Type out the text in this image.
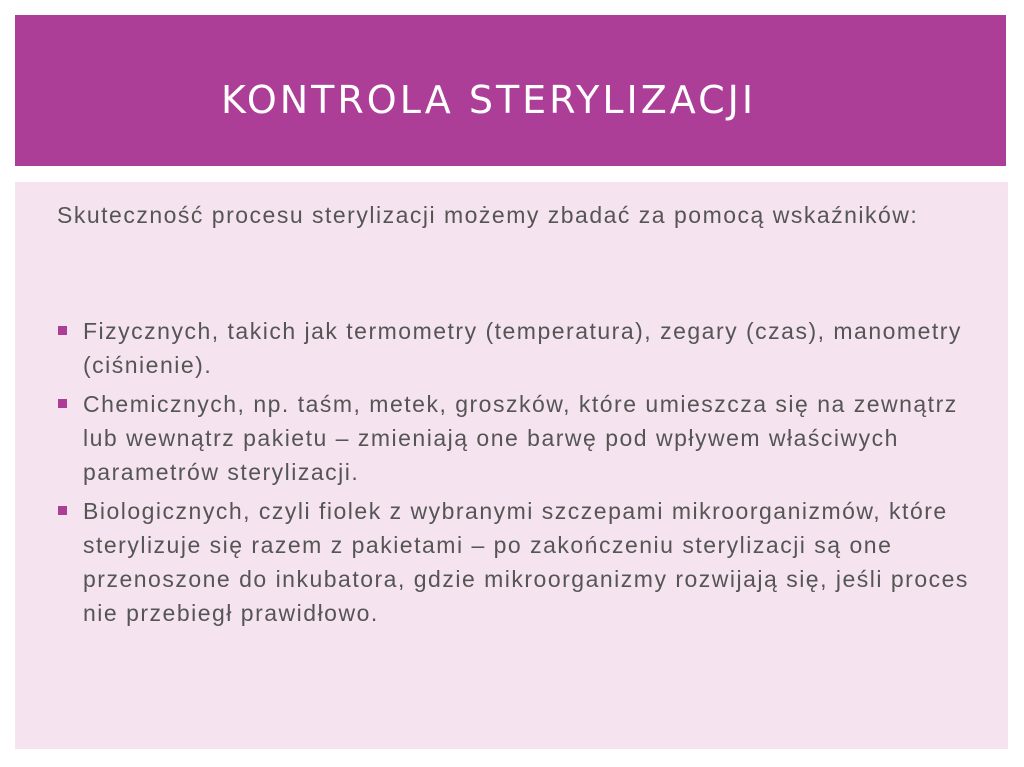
KONTROLA STERYLIZACJI

Skuteczność procesu sterylizacji możemy zbadać za pomocą wskaźników:

Fizycznych, takich jak termometry (temperatura), zegary (czas), manometry (ciśnienie).
Chemicznych, np. taśm, metek, groszków, które umieszcza się na zewnątrz lub wewnątrz pakietu – zmieniają one barwę pod wpływem właściwych parametrów sterylizacji.
Biologicznych, czyli fiolek z wybranymi szczepami mikroorganizmów, które sterylizuje się razem z pakietami – po zakończeniu sterylizacji są one przenoszone do inkubatora, gdzie mikroorganizmy rozwijają się, jeśli proces nie przebiegł prawidłowo.
